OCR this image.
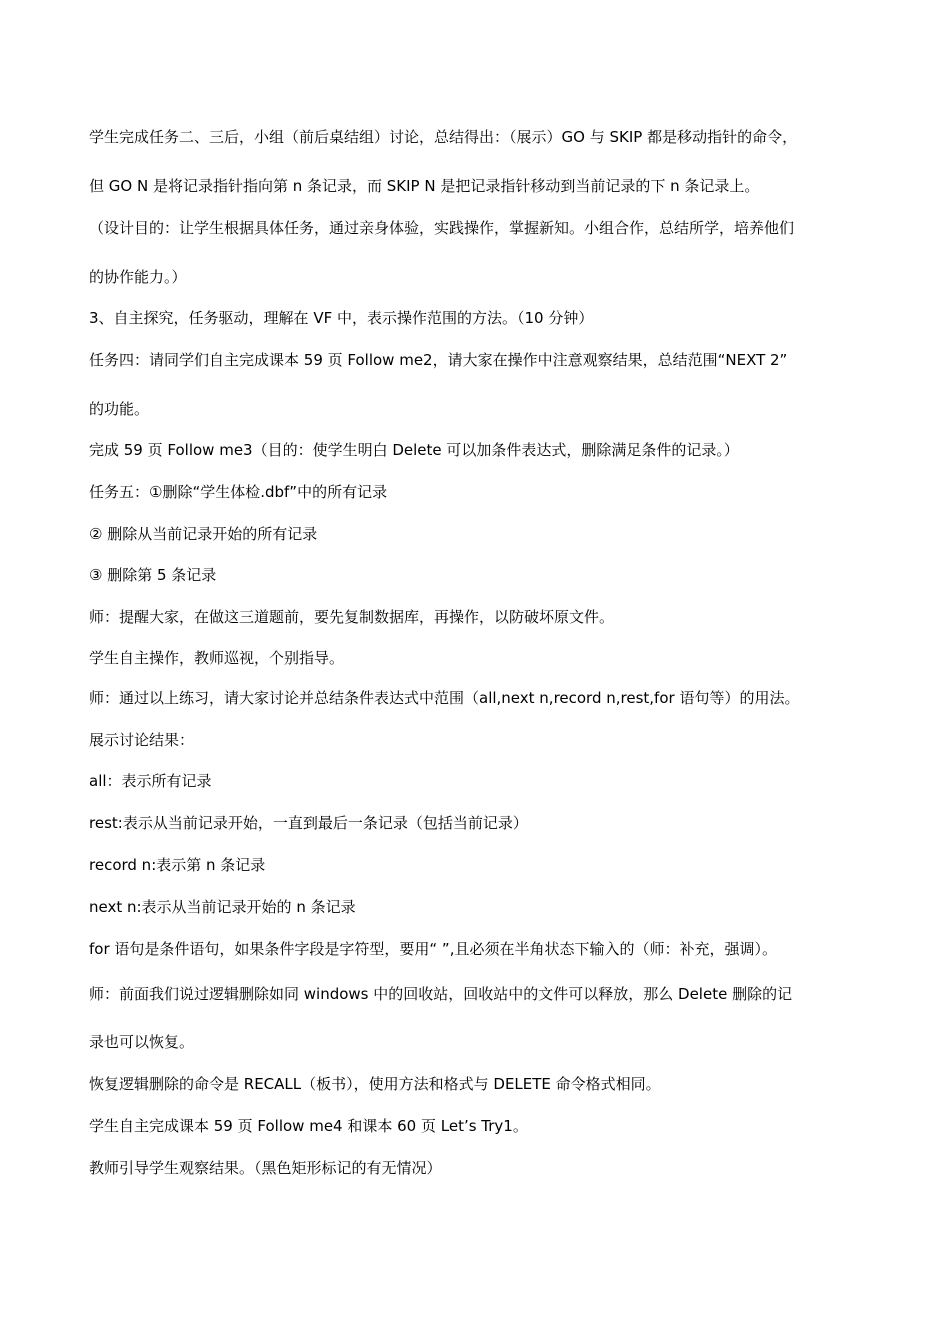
学生完成任务二、三后，小组（前后桌结组）讨论，总结得出：（展示）GO 与 SKIP 都是移动指针的命令，
但 GO N 是将记录指针指向第 n 条记录，而 SKIP N 是把记录指针移动到当前记录的下 n 条记录上。
（设计目的：让学生根据具体任务，通过亲身体验，实践操作，掌握新知。小组合作，总结所学，培养他们
的协作能力。）
3、自主探究，任务驱动，理解在 VF 中，表示操作范围的方法。（10 分钟）
任务四：请同学们自主完成课本 59 页 Follow me2，请大家在操作中注意观察结果，总结范围“NEXT 2”
的功能。
完成 59 页 Follow me3（目的：使学生明白 Delete 可以加条件表达式，删除满足条件的记录。）
任务五：①删除“学生体检.dbf”中的所有记录
② 删除从当前记录开始的所有记录
③ 删除第 5 条记录
师：提醒大家，在做这三道题前，要先复制数据库，再操作，以防破坏原文件。
学生自主操作，教师巡视，个别指导。
师：通过以上练习，请大家讨论并总结条件表达式中范围（all,next n,record n,rest,for 语句等）的用法。
展示讨论结果：
all：表示所有记录
rest:表示从当前记录开始，一直到最后一条记录（包括当前记录）
record n:表示第 n 条记录
next n:表示从当前记录开始的 n 条记录
for 语句是条件语句，如果条件字段是字符型，要用“ ”,且必须在半角状态下输入的（师：补充，强调）。
师：前面我们说过逻辑删除如同 windows 中的回收站，回收站中的文件可以释放，那么 Delete 删除的记
录也可以恢复。
恢复逻辑删除的命令是 RECALL（板书），使用方法和格式与 DELETE 命令格式相同。
学生自主完成课本 59 页 Follow me4 和课本 60 页 Let’s Try1。
教师引导学生观察结果。（黑色矩形标记的有无情况）
